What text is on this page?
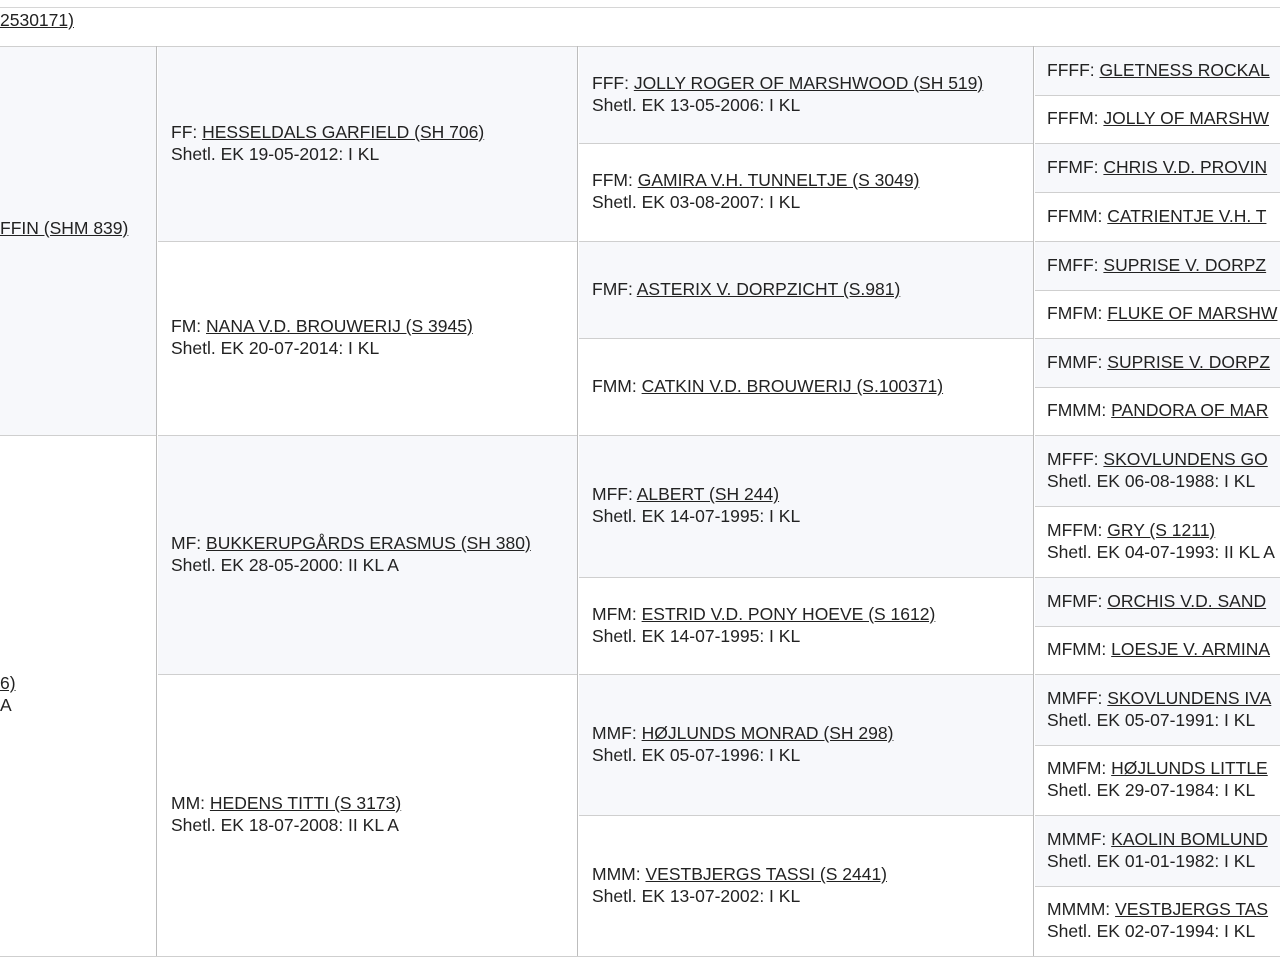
2530171)
FFIN (SHM 839)
6)
A
FF: HESSELDALS GARFIELD (SH 706)
Shetl. EK 19-05-2012: I KL
FM: NANA V.D. BROUWERIJ (S 3945)
Shetl. EK 20-07-2014: I KL
MF: BUKKERUPGÅRDS ERASMUS (SH 380)
Shetl. EK 28-05-2000: II KL A
MM: HEDENS TITTI (S 3173)
Shetl. EK 18-07-2008: II KL A
FFF: JOLLY ROGER OF MARSHWOOD (SH 519)
Shetl. EK 13-05-2006: I KL
FFM: GAMIRA V.H. TUNNELTJE (S 3049)
Shetl. EK 03-08-2007: I KL
FMF: ASTERIX V. DORPZICHT (S.981)
FMM: CATKIN V.D. BROUWERIJ (S.100371)
MFF: ALBERT (SH 244)
Shetl. EK 14-07-1995: I KL
MFM: ESTRID V.D. PONY HOEVE (S 1612)
Shetl. EK 14-07-1995: I KL
MMF: HØJLUNDS MONRAD (SH 298)
Shetl. EK 05-07-1996: I KL
MMM: VESTBJERGS TASSI (S 2441)
Shetl. EK 13-07-2002: I KL
FFFF: GLETNESS ROCKAL
FFFM: JOLLY OF MARSHW
FFMF: CHRIS V.D. PROVIN
FFMM: CATRIENTJE V.H. T
FMFF: SUPRISE V. DORPZ
FMFM: FLUKE OF MARSHW
FMMF: SUPRISE V. DORPZ
FMMM: PANDORA OF MAR
MFFF: SKOVLUNDENS GO
Shetl. EK 06-08-1988: I KL
MFFM: GRY (S 1211)
Shetl. EK 04-07-1993: II KL A
MFMF: ORCHIS V.D. SAND
MFMM: LOESJE V. ARMINA
MMFF: SKOVLUNDENS IVA
Shetl. EK 05-07-1991: I KL
MMFM: HØJLUNDS LITTLE
Shetl. EK 29-07-1984: I KL
MMMF: KAOLIN BOMLUND
Shetl. EK 01-01-1982: I KL
MMMM: VESTBJERGS TAS
Shetl. EK 02-07-1994: I KL
